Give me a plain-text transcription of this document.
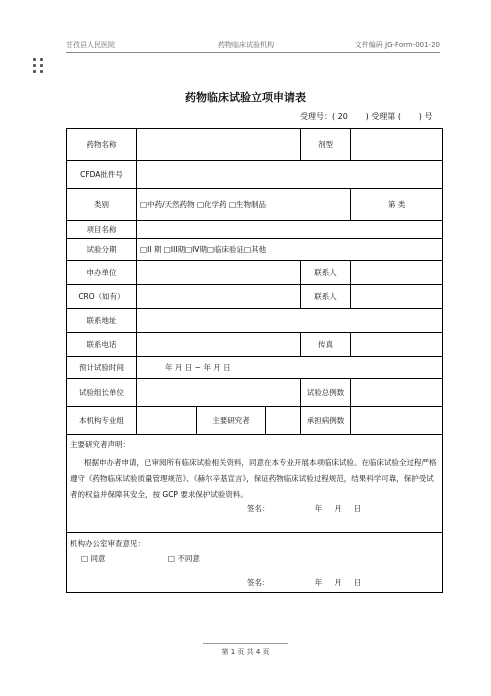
甘孜县人民医院	药物临床试验机构	文件编码 JG-Form-001-20
药物临床试验立项申请表
受理号：( 20       ) 受理第 (       ) 号
药物名称				剂型	
CFDA批件号					
类别	□中药/天然药物 □化学药 □生物制品				第 类
项目名称					
试验分期	□II 期 □III期□IV期□临床验证□其他				
申办单位				联系人	
CRO（如有）				联系人	
联系地址					
联系电话				传真	
预计试验时间	年 月 日 ~ 年 月 日				
试验组长单位				试验总例数	
本机构专业组		主要研究者		承担病例数	

主要研究者声明：
根据申办者申请，已审阅所有临床试验相关资料，同意在本专业开展本项临床试验。在临床试验全过程严格遵守《药物临床试验质量管理规范》、《赫尔辛基宣言》，保证药物临床试验过程规范，结果科学可靠，保护受试者的权益并保障其安全，按 GCP 要求保护试验资料。
签名：                   年     月     日					

机构办公室审查意见：
□ 同意 □ 不同意
签名：                   年     月     日					
第 1 页 共 4 页
